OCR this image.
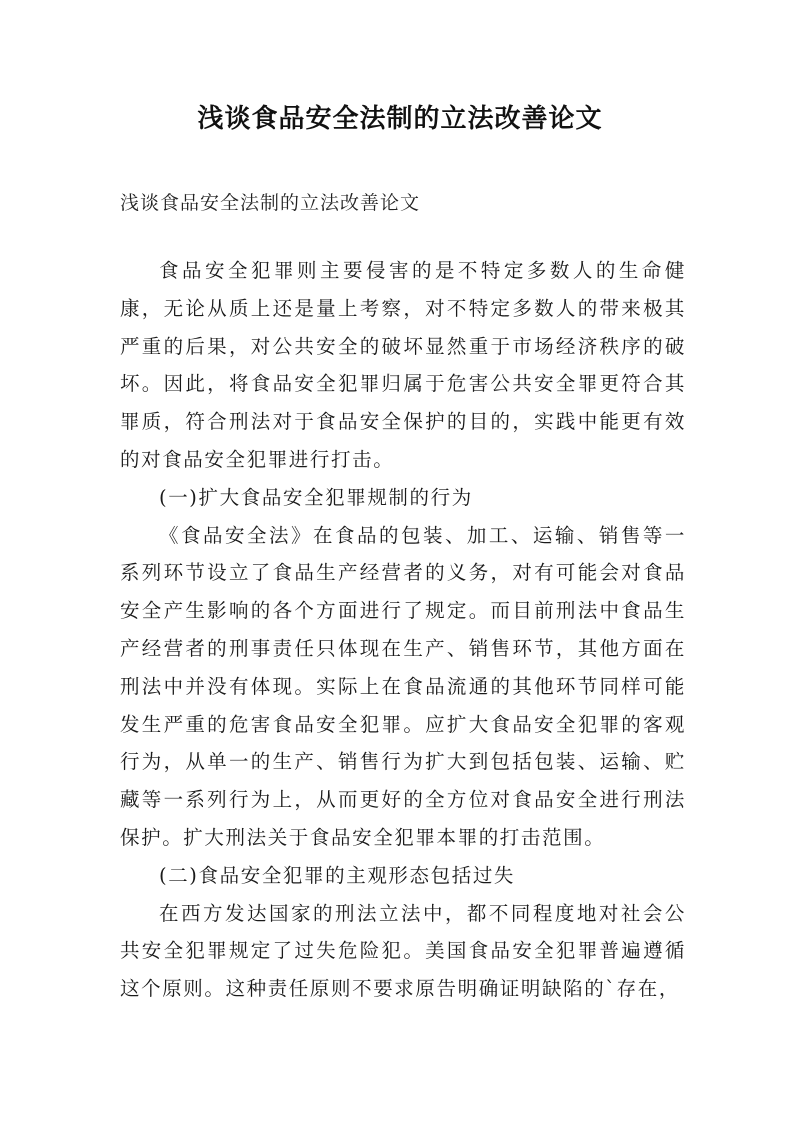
浅谈食品安全法制的立法改善论文
浅谈食品安全法制的立法改善论文

食品安全犯罪则主要侵害的是不特定多数人的生命健康，无论从质上还是量上考察，对不特定多数人的带来极其严重的后果，对公共安全的破坏显然重于市场经济秩序的破坏。因此，将食品安全犯罪归属于危害公共安全罪更符合其罪质，符合刑法对于食品安全保护的目的，实践中能更有效的对食品安全犯罪进行打击。

(一)扩大食品安全犯罪规制的行为

《食品安全法》在食品的包装、加工、运输、销售等一系列环节设立了食品生产经营者的义务，对有可能会对食品安全产生影响的各个方面进行了规定。而目前刑法中食品生产经营者的刑事责任只体现在生产、销售环节，其他方面在刑法中并没有体现。实际上在食品流通的其他环节同样可能发生严重的危害食品安全犯罪。应扩大食品安全犯罪的客观行为，从单一的生产、销售行为扩大到包括包装、运输、贮藏等一系列行为上，从而更好的全方位对食品安全进行刑法保护。扩大刑法关于食品安全犯罪本罪的打击范围。

(二)食品安全犯罪的主观形态包括过失

在西方发达国家的刑法立法中，都不同程度地对社会公共安全犯罪规定了过失危险犯。美国食品安全犯罪普遍遵循这个原则。这种责任原则不要求原告明确证明缺陷的`存在，
